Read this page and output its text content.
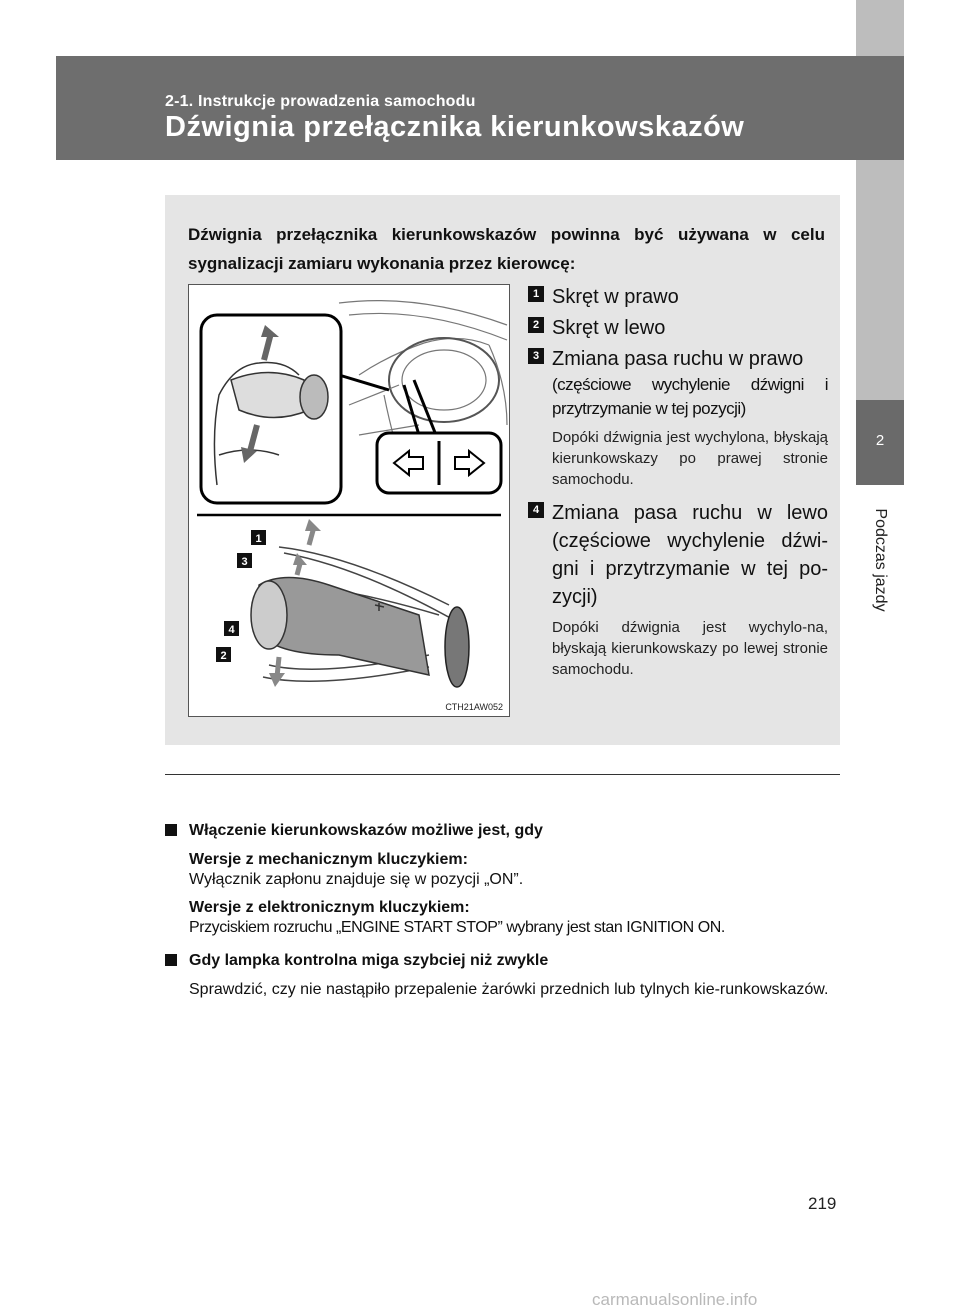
2
Podczas jazdy
2-1. Instrukcje prowadzenia samochodu
Dźwignia przełącznika kierunkowskazów

Dźwignia przełącznika kierunkowskazów powinna być używana w celu sygnalizacji zamiaru wykonania przez kierowcę:

1
3
4
2
CTH21AW052
1 Skręt w prawo
2 Skręt w lewo
3 Zmiana pasa ruchu w prawo
(częściowe wychylenie dźwigni i przytrzymanie w tej pozycji)
Dopóki dźwignia jest wychylona, błyskają kierunkowskazy po prawej stronie samochodu.
4 Zmiana pasa ruchu w lewo (częściowe wychylenie dźwi-gni i przytrzymanie w tej po-zycji)
Dopóki dźwignia jest wychylo-na, błyskają kierunkowskazy po lewej stronie samochodu.
Włączenie kierunkowskazów możliwe jest, gdy
Wersje z mechanicznym kluczykiem:
Wyłącznik zapłonu znajduje się w pozycji „ON”.
Wersje z elektronicznym kluczykiem:
Przyciskiem rozruchu „ENGINE START STOP” wybrany jest stan IGNITION ON.
Gdy lampka kontrolna miga szybciej niż zwykle
Sprawdzić, czy nie nastąpiło przepalenie żarówki przednich lub tylnych kie-runkowskazów.
219
carmanualsonline.info
